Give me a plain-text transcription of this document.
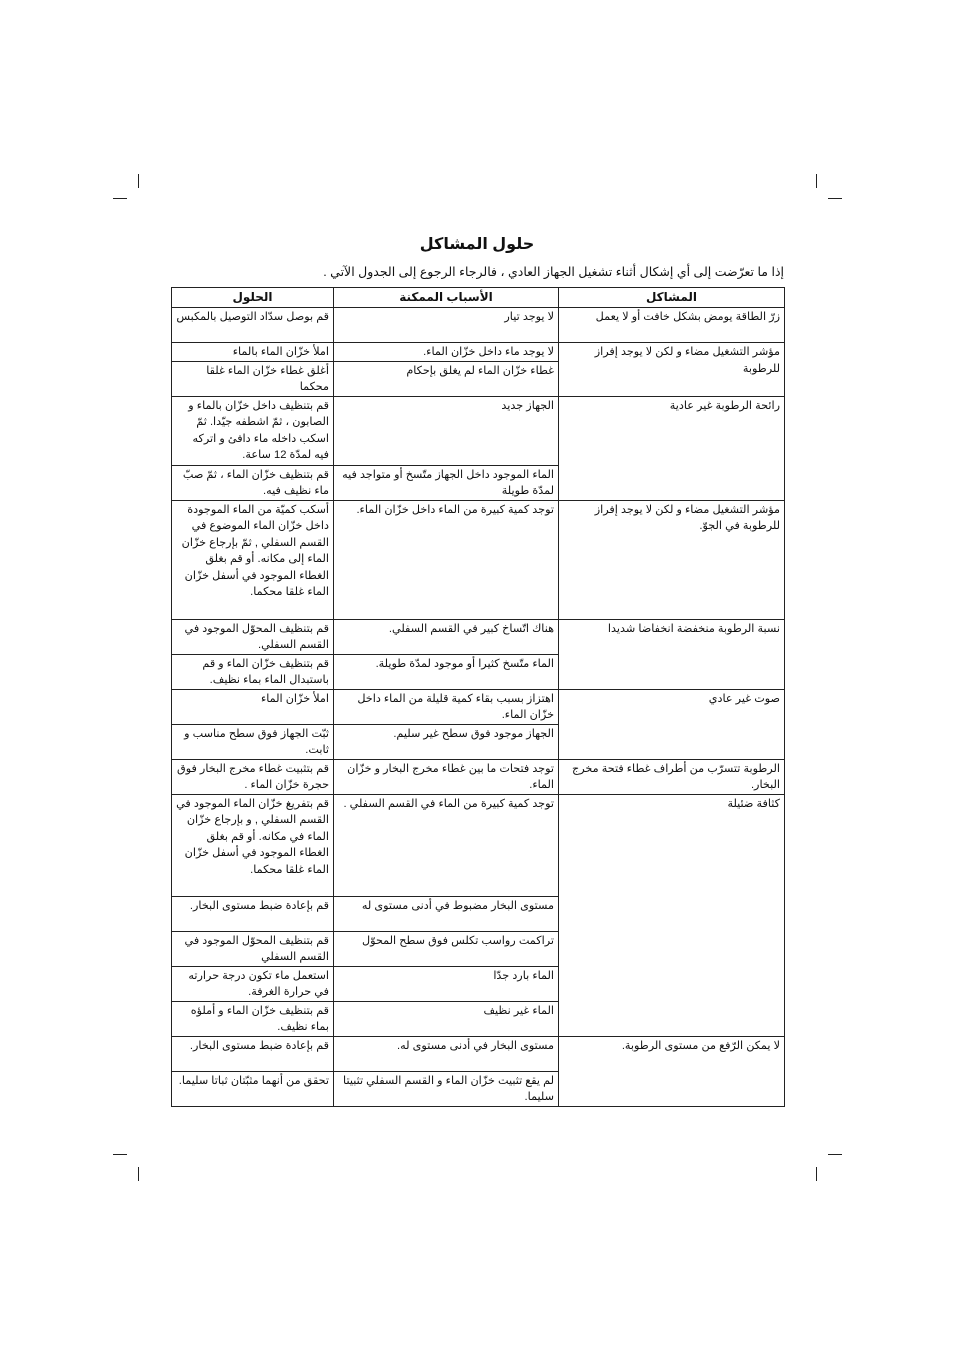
حلول المشاكل
إذا ما تعرّضت إلى أي إشكال أثناء تشغيل الجهاز العادي ، فالرجاء الرجوع إلى الجدول الآتي .
المشاكل	الأسباب الممكنة	الحلول
زرّ الطاقة يومض بشكل خافت أو لا يعمل	لا يوجد تيار	قم بوصل سدّاد التوصيل بالمكبس
مؤشر التشغيل مضاء و لكن لا يوجد إفراز للرطوبة	لا يوجد ماء داخل خزّان الماء.	املأ خزّان الماء بالماء
	غطاء خزّان الماء لم يغلق بإحكام	أغلق غطاء خزّان الماء غلقا محكما
رائحة الرطوبة غير عادية	الجهاز جديد	قم بتنظيف داخل خزّان بالماء و الصابون ، ثمّ اشطفه جيّدا. ثمّ اسكب داخله ماء دافئ و اتركه فيه لمدّة 12 ساعة.
	الماء الموجود داخل الجهاز متّسخ أو متواجد فيه لمدّة طويلة	قم بتنظيف خزّان الماء ، ثمّ صبّ ماء نظيف فيه.
مؤشر التشغيل مضاء و لكن لا يوجد إفراز للرطوبة في الجوّ.	توجد كمية كبيرة من الماء داخل خزّان الماء.	أسكب كميّة من الماء الموجودة داخل خزّان الماء الموضوع في القسم السفلي , ثمّ بإرجاع خزّان الماء إلى مكانه. أو قم بغلق الغطاء الموجود في أسفل خزّان الماء غلقا محكما.
نسبة الرطوبة منخفضة انخفاضا شديدا	هناك اتّساخ كبير في القسم السفلي.	قم بتنظيف المحوّل الموجود في القسم السفلي.
	الماء متّسخ كثيرا أو موجود لمدّة طويلة.	قم بتنظيف خزّان الماء و قم باستبدال الماء بماء نظيف.
صوت غير عادي	اهتزاز بسبب بقاء كمية قليلة من الماء داخل خزّان الماء.	املأ خزّان الماء
	الجهاز موجود فوق سطح غير سليم.	ثبّت الجهاز فوق سطح مناسب و ثابت.
الرطوبة تتسرّب من أطراف غطاء فتحة مخرج البخار.	توجد فتحات ما بين غطاء مخرج البخار و خزّان الماء.	قم بتثبيت غطاء مخرج البخار فوق حجرة خزّان الماء .
كثافة ضئيلة	توجد كمية كبيرة من الماء في القسم السفلي .	قم بتفريغ خزّان الماء الموجود في القسم السفلي , و بإرجاع خزّان الماء في مكانه. أو قم بغلق الغطاء الموجود في أسفل خزّان الماء غلقا محكما.
	مستوى البخار مضبوط في أدنى مستوى له	قم بإعادة ضبط مستوى البخار.
	تراكمت رواسب تكلس فوق سطح المحوّل	قم بتنظيف المحوّل الموجود في القسم السفلي
	الماء بارد جدّا	استعمل ماء تكون درجة حرارته في حرارة الغرفة.
	الماء غير نظيف	قم بتنظيف خزّان الماء و أملؤه بماء نظيف.
لا يمكن الرّفع من مستوى الرطوبة.	مستوى البخار في أدنى مستوى له.	قم بإعادة ضبط مستوى البخار.
	لم يقع تثبيت خزّان الماء و القسم السفلي تثبيتا سليما.	تحقق من أنهما مثبّتان ثباتا سليما.
